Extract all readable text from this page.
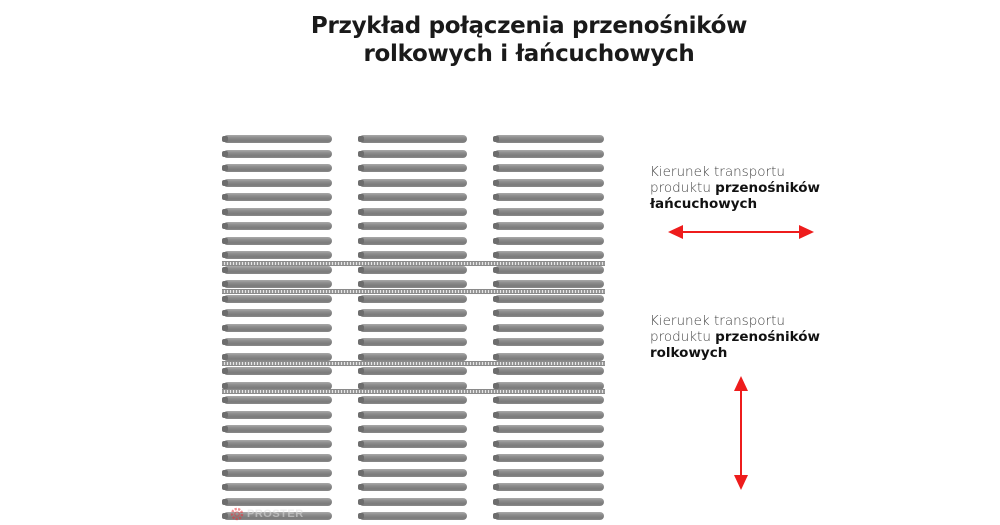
Przykład połączenia przenośników
rolkowych i łańcuchowych
Kierunek transportu
produktu przenośników
łańcuchowych
Kierunek transportu
produktu przenośników
rolkowych
PROSTER
